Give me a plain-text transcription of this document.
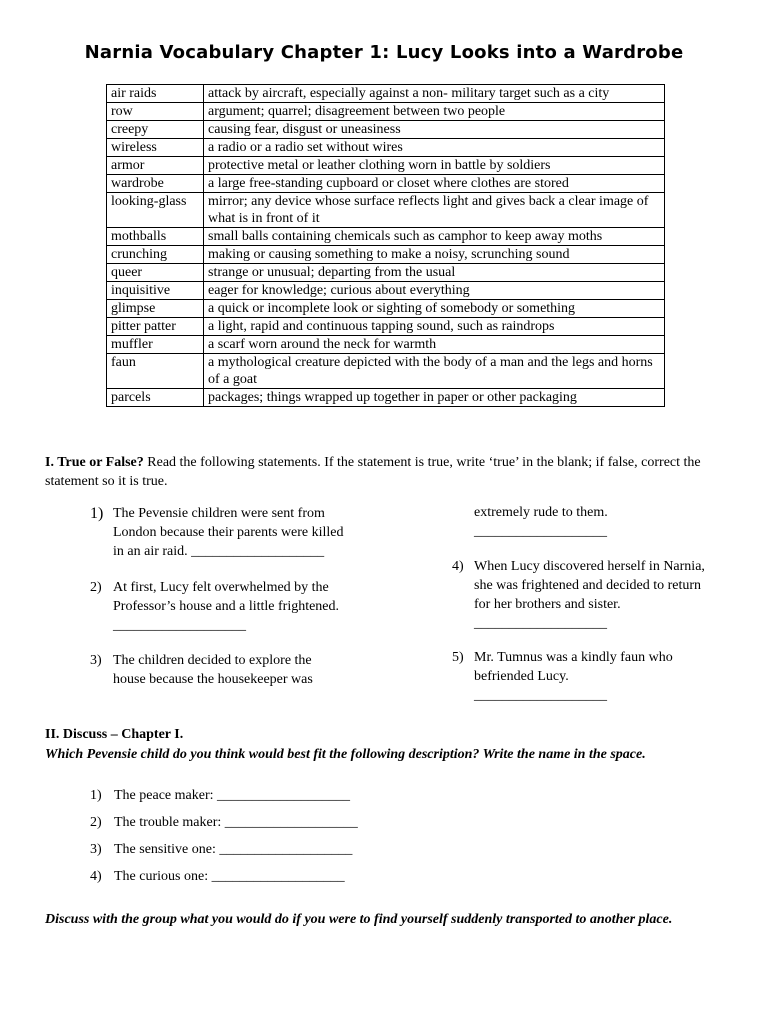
Narnia Vocabulary Chapter 1: Lucy Looks into a Wardrobe
air raids	attack by aircraft, especially against a non- military target such as a city
row	argument; quarrel; disagreement between two people
creepy	causing fear, disgust or uneasiness
wireless	a radio or a radio set without wires
armor	protective metal or leather clothing worn in battle by soldiers
wardrobe	a large free-standing cupboard or closet where clothes are stored
looking-glass	mirror; any device whose surface reflects light and gives back a clear image of what is in front of it
mothballs	small balls containing chemicals such as camphor to keep away moths
crunching	making or causing something to make a noisy, scrunching sound
queer	strange or unusual; departing from the usual
inquisitive	eager for knowledge; curious about everything
glimpse	a quick or incomplete look or sighting of somebody or something
pitter patter	a light, rapid and continuous tapping sound, such as raindrops
muffler	a scarf worn around the neck for warmth
faun	a mythological creature depicted with the body of a man and the legs and horns of a goat
parcels	packages; things wrapped up together in paper or other packaging
I. True or False? Read the following statements. If the statement is true, write ‘true’ in the blank; if false, correct the statement so it is true.
1) The Pevensie children were sent from
London because their parents were killed
in an air raid. ___________________
2) At first, Lucy felt overwhelmed by the
Professor’s house and a little frightened.
___________________
3) The children decided to explore the
house because the housekeeper was
extremely rude to them.
___________________
4) When Lucy discovered herself in Narnia,
she was frightened and decided to return
for her brothers and sister.
___________________
5) Mr. Tumnus was a kindly faun who
befriended Lucy.
___________________
II. Discuss – Chapter I.
Which Pevensie child do you think would best fit the following description? Write the name in the space.
1) The peace maker: ___________________
2) The trouble maker: ___________________
3) The sensitive one: ___________________
4) The curious one: ___________________
Discuss with the group what you would do if you were to find yourself suddenly transported to another place.
